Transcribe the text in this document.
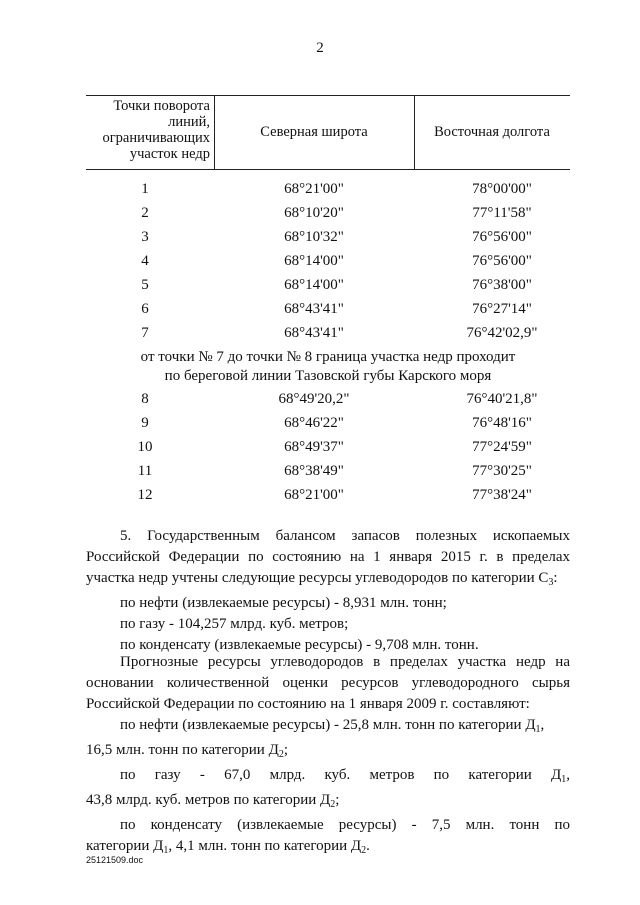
2
Точки поворота
линий,
ограничивающих
участок недр
Северная широта	Восточная долгота
1	68°21'00"	78°00'00"
2	68°10'20"	77°11'58"
3	68°10'32"	76°56'00"
4	68°14'00"	76°56'00"
5	68°14'00"	76°38'00"
6	68°43'41"	76°27'14"
7	68°43'41"	76°42'02,9"
от точки № 7 до точки № 8 граница участка недр проходит
по береговой линии Тазовской губы Карского моря
8	68°49'20,2"	76°40'21,8"
9	68°46'22"	76°48'16"
10	68°49'37"	77°24'59"
11	68°38'49"	77°30'25"
12	68°21'00"	77°38'24"
5. Государственным балансом запасов полезных ископаемых
Российской Федерации по состоянию на 1 января 2015 г. в пределах
участка недр учтены следующие ресурсы углеводородов по категории $С_3$:
по нефти (извлекаемые ресурсы) - 8,931 млн. тонн;
по газу - 104,257 млрд. куб. метров;
по конденсату (извлекаемые ресурсы) - 9,708 млн. тонн.
Прогнозные ресурсы углеводородов в пределах участка недр на
основании количественной оценки ресурсов углеводородного сырья
Российской Федерации по состоянию на 1 января 2009 г. составляют:
по нефти (извлекаемые ресурсы) - 25,8 млн. тонн по категории $Д_1$,
16,5 млн. тонн по категории $Д_2$;
по газу - 67,0 млрд. куб. метров по категории $Д_1$,
43,8 млрд. куб. метров по категории $Д_2$;
по конденсату (извлекаемые ресурсы) - 7,5 млн. тонн по
категории $Д_1$, 4,1 млн. тонн по категории $Д_2$.
25121509.doc
